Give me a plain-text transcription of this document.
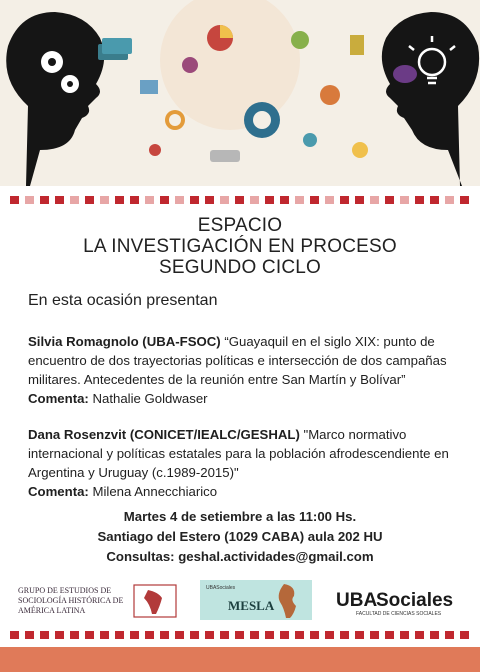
ESPACIO
LA INVESTIGACIÓN EN PROCESO
SEGUNDO CICLO
En esta ocasión presentan
Silvia Romagnolo (UBA-FSOC) “Guayaquil en el siglo XIX: punto de encuentro de dos trayectorias políticas e intersección de dos campañas militares. Antecedentes de la reunión entre San Martín y Bolívar”
Comenta: Nathalie Goldwaser
Dana Rosenzvit (CONICET/IEALC/GESHAL) "Marco normativo internacional y políticas estatales para la población afrodescendiente en Argentina y Uruguay (c.1989-2015)"
Comenta: Milena Annecchiarico
Martes 4 de setiembre a las 11:00 Hs.
Santiago del Estero (1029 CABA) aula 202 HU
Consultas: geshal.actividades@gmail.com
GRUPO DE ESTUDIOS DE
SOCIOLOGÍA HISTÓRICA DE
AMÉRICA LATINA
UBASociales
MESLA	UBA
Sociales
FACULTAD DE CIENCIAS SOCIALES
